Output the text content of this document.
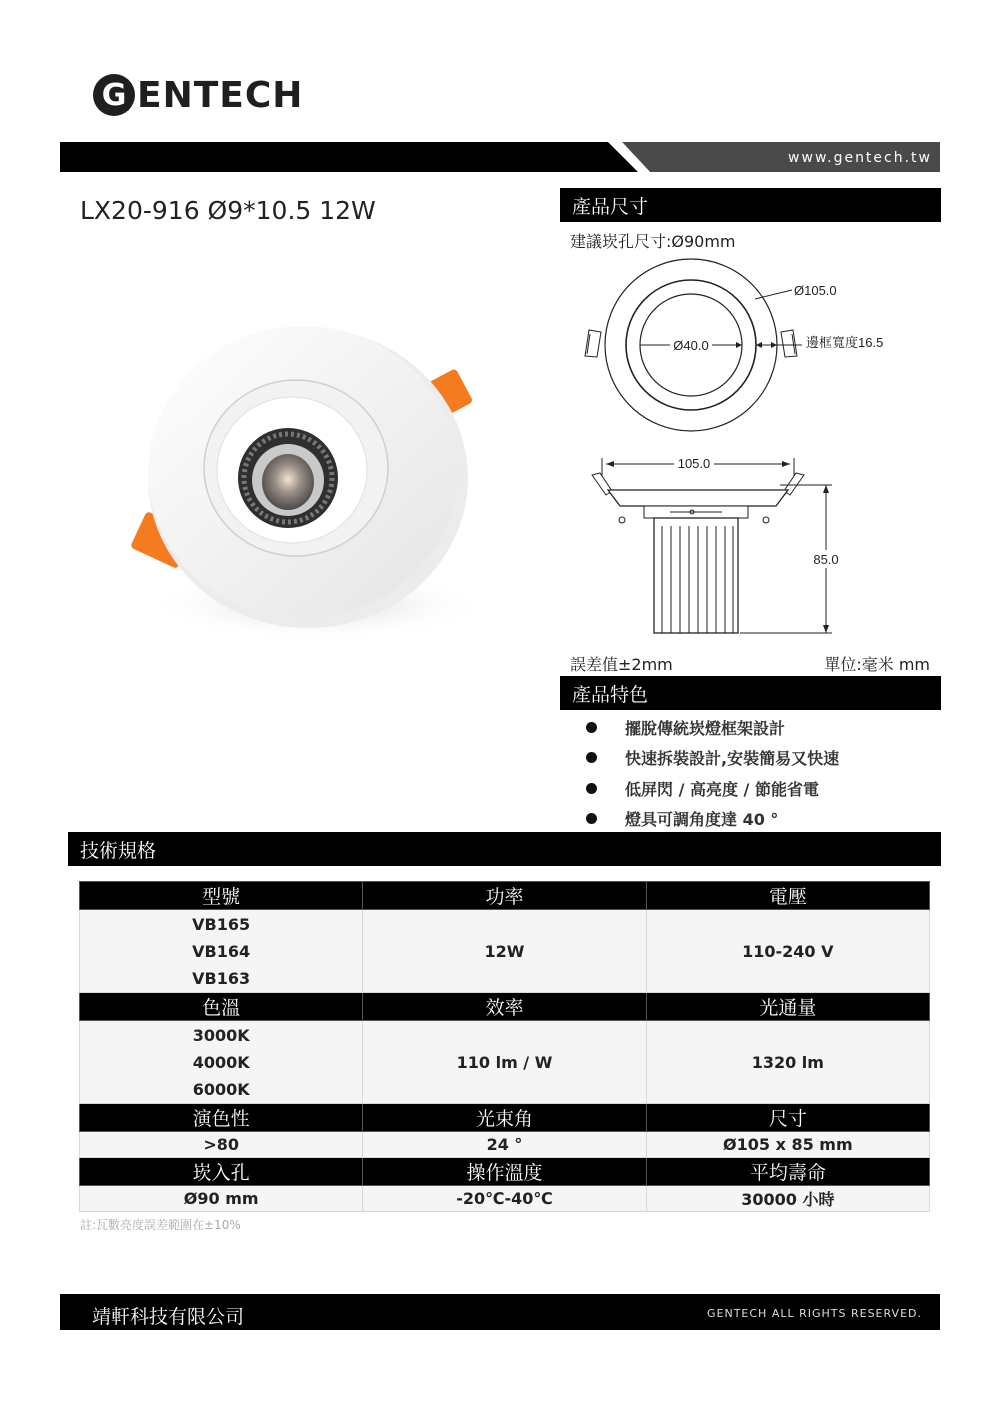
G ENTECH
www.gentech.tw
LX20-916 Ø9*10.5 12W	產品尺寸
建議崁孔尺寸:Ø90mm
Ø40.0
Ø105.0
邊框寬度16.5
105.0
85.0
誤差值±2mm	單位:毫米 mm
產品特色
擺脫傳統崁燈框架設計
快速拆裝設計,安裝簡易又快速
低屏閃 / 高亮度 / 節能省電
燈具可調角度達 40 °
技術規格
型號	功率	電壓

VB165
VB164
VB163	12W	110-240 V
色溫	效率	光通量

3000K
4000K
6000K	110 lm / W	1320 lm
演色性	光束角	尺寸
>80	24 °	Ø105 x 85 mm
崁入孔	操作溫度	平均壽命
Ø90 mm	-20℃-40℃	30000 小時
註:瓦數亮度誤差範圍在±10%
靖軒科技有限公司	GENTECH ALL RIGHTS RESERVED.
